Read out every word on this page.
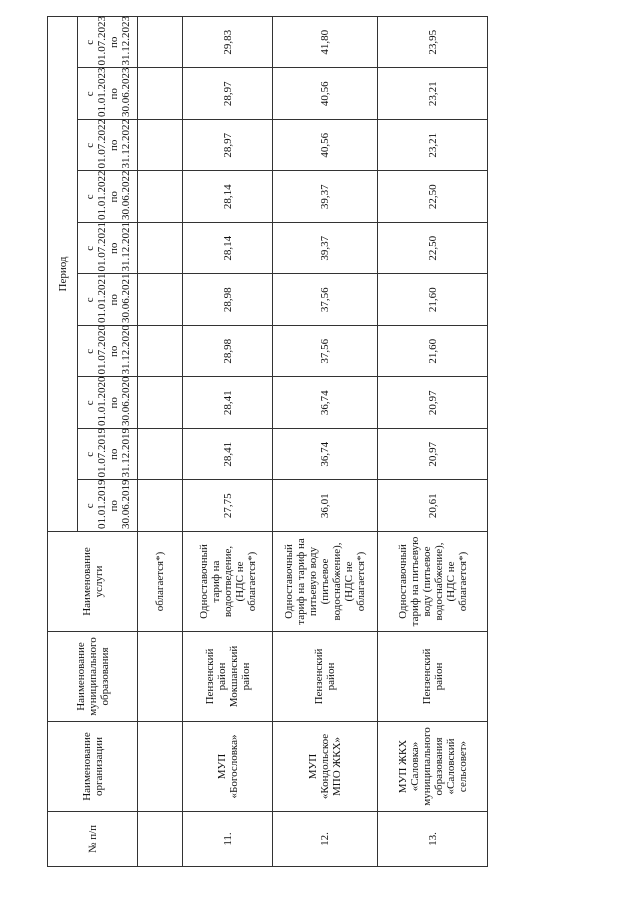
№ п/п	Наименование организации	Наименование муниципального образования	Наименование услуги	Период									
				с 01.01.2019 по 30.06.2019	с 01.07.2019 по 31.12.2019	с 01.01.2020 по 30.06.2020	с 01.07.2020 по 31.12.2020	с 01.01.2021 по 30.06.2021	с 01.07.2021 по 31.12.2021	с 01.01.2022 по 30.06.2022	с 01.07.2022 по 31.12.2022	с 01.01.2023 по 30.06.2023	с 01.07.2023 по 31.12.2023
			облагается*)										
11.	МУП «Богословка»	Пензенский район Мокшанский район	Одноставочный тариф на водоотведение, (НДС не облагается*)	27,75	28,41	28,41	28,98	28,98	28,14	28,14	28,97	28,97	29,83
12.	МУП «Кондольское МПО ЖКХ»	Пензенский район	Одноставочный тариф на тариф на питьевую воду (питьевое водоснабжение), (НДС не облагается*)	36,01	36,74	36,74	37,56	37,56	39,37	39,37	40,56	40,56	41,80
13.	МУП ЖКХ «Саловка» муниципального образования «Саловский сельсовет»	Пензенский район	Одноставочный тариф на питьевую воду (питьевое водоснабжение), (НДС не облагается*)	20,61	20,97	20,97	21,60	21,60	22,50	22,50	23,21	23,21	23,95
